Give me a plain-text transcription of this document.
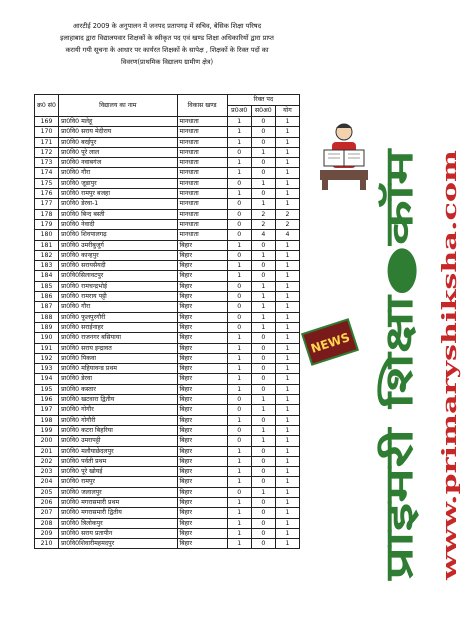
आरटीई 2009 के अनुपालन में जनपद प्रतापगढ़ में सचिव, बेसिक शिक्षा परिषद
इलाहाबाद द्वारा विद्यालयवार शिक्षकों के स्वीकृत पद एवं खण्ड शिक्षा अधिकारियों द्वारा प्राप्त
करायी गयी सूचना के आधार पर कार्यरत शिक्षकों के सापेक्ष , शिक्षकों के रिक्त पदों का
विवरण(प्राथमिक विद्यालय ग्रामीण क्षेत्र)
क्र0 सं0	विद्यालय का नाम	विकास खण्ड	रिक्त पद		
			प्र0अ0	स0अ0	योग
169	प्रा0वि0 मलेहू	मानधाता	1	0	1
170	प्रा0वि0 सराय मेदीराय	मानधाता	1	0	1
171	प्रा0वि0 बरईपुर	मानधाता	1	0	1
172	प्रा0वि0 पूरे लाल	मानधाता	0	1	1
173	प्रा0वि0 नवाबगंज	मानधाता	1	0	1
174	प्रा0वि0 गौरा	मानधाता	1	0	1
175	प्रा0वि0 जूडापुर	मानधाता	0	1	1
176	प्रा0वि0 रामपुर बजहा	मानधाता	1	0	1
177	प्रा0वि0 डेरवा-1	मानधाता	0	1	1
178	प्रा0वि0 बिन्द बस्ती	मानधाता	0	2	2
179	प्रा0वि0 नेवादी	मानधाता	0	2	2
180	प्रा0वि0 शिवपालगढ़	मानधाता	0	4	4
181	प्रा0वि0 उमरीबुजुर्ग	बिहार	1	0	1
182	प्रा0वि0 कान्हपुर	बिहार	0	1	1
183	प्रा0वि0 सरायसैयदी	बिहार	1	0	1
184	प्रा0वि0सिलावटपुर	बिहार	1	0	1
185	प्रा0वि0 रामचन्द्रभोई	बिहार	0	1	1
186	प्रा0वि0 रामराय पट्टी	बिहार	0	1	1
187	प्रा0वि0 गौरा	बिहार	0	1	1
188	प्रा0वि0 फूलपुरगौरी	बिहार	0	1	1
189	प्रा0वि0 सराईनाहर	बिहार	0	1	1
190	प्रा0वि0 राजनगर बसियाया	बिहार	1	0	1
191	प्रा0वि0 सराय इन्द्रावत	बिहार	1	0	1
192	प्रा0वि0 पिकवा	बिहार	1	0	1
193	प्रा0वि0 महियावन्ड प्रथम	बिहार	1	0	1
194	प्रा0वि0 डेरवा	बिहार	1	0	1
195	प्रा0वि0 कस्तार	बिहार	1	0	1
196	प्रा0वि0 खटवारा द्वितीय	बिहार	0	1	1
197	प्रा0वि0 गोगौर	बिहार	0	1	1
198	प्रा0वि0 गोगौरी	बिहार	1	0	1
199	प्रा0वि0 कटरा बिहरिया	बिहार	0	1	1
200	प्रा0वि0 उमरापट्टी	बिहार	0	1	1
201	प्रा0वि0 मलौयाछेदलपुर	बिहार	1	0	1
202	प्रा0वि0 पर्वती प्रथम	बिहार	1	0	1
203	प्रा0वि0 पूरे खोयई	बिहार	1	0	1
204	प्रा0वि0 रामपुर	बिहार	1	0	1
205	प्रा0वि0 जलालपुर	बिहार	0	1	1
206	प्रा0वि0 मगरासमारी प्रथम	बिहार	1	0	1
207	प्रा0वि0 मगरासमारी द्वितीय	बिहार	1	0	1
208	प्रा0वि0 त्रिलोकपुर	बिहार	1	0	1
209	प्रा0वि0 सराय प्रतापीन	बिहार	1	0	1
210	प्रा0वि0शिवारीमहमदपुर	बिहार	1	0	1 प्राइमरी शिक्षा●कॉम www.primaryshiksha.com
NEWS
